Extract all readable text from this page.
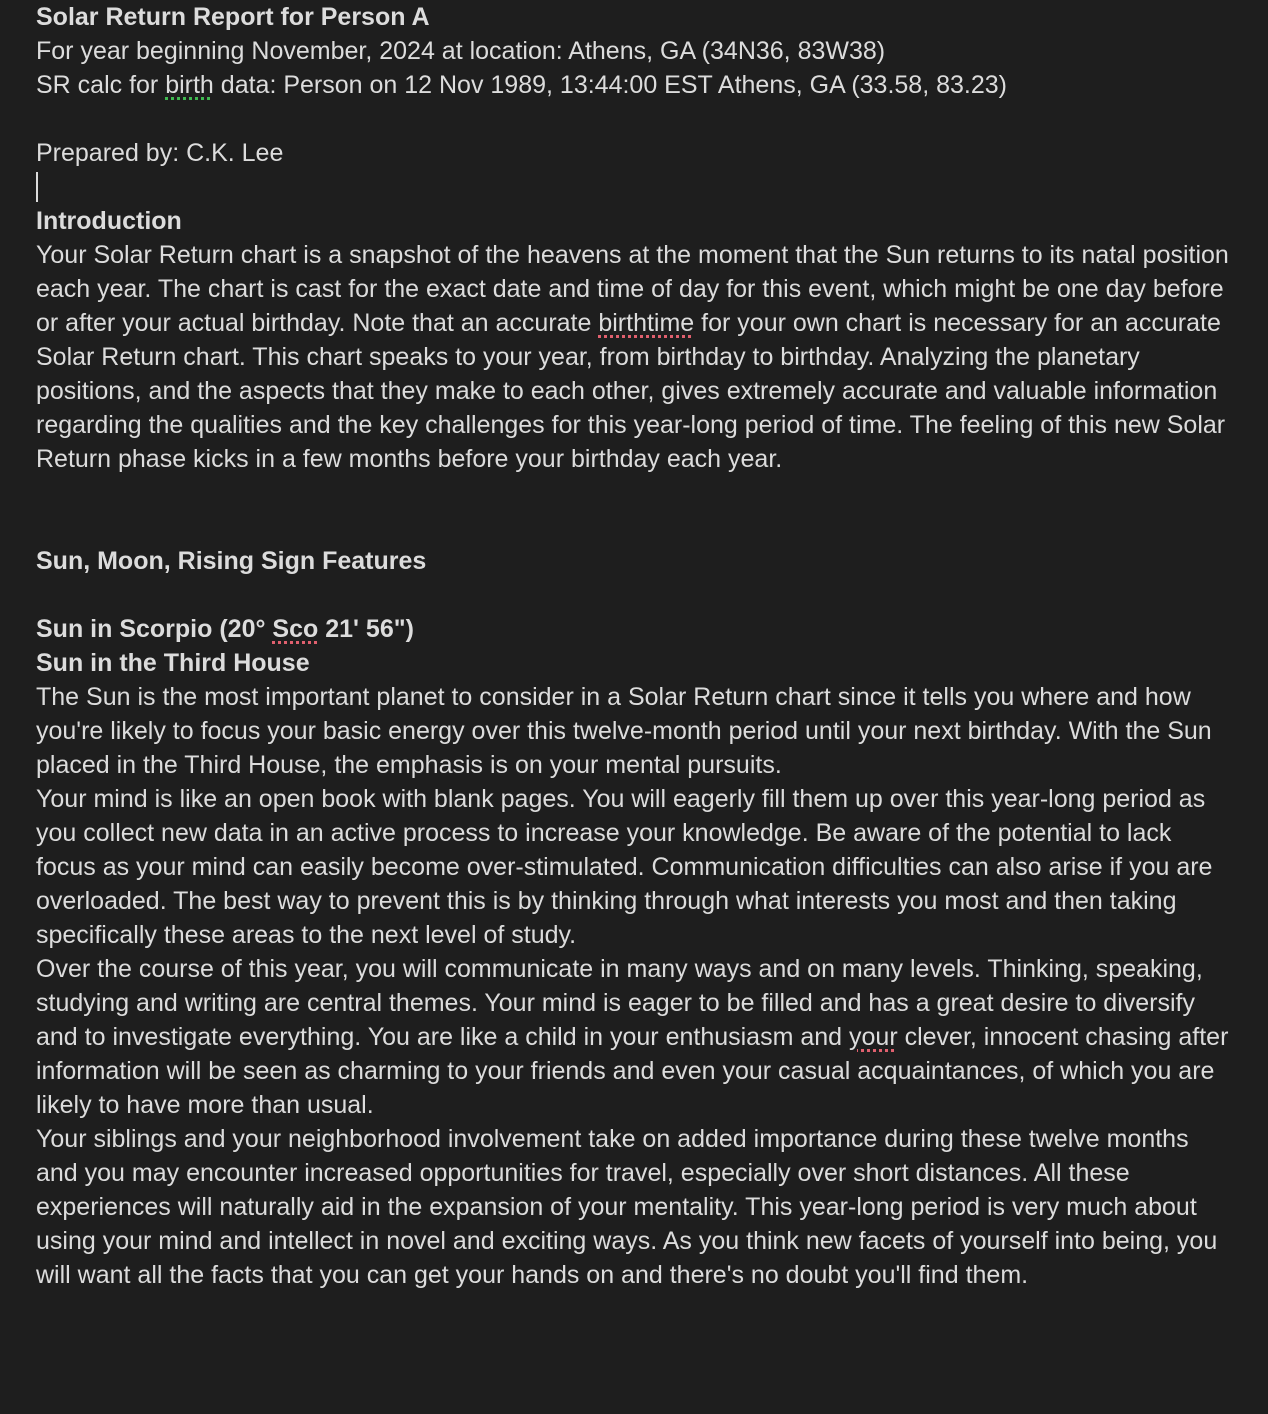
Solar Return Report for Person A
For year beginning November, 2024 at location: Athens, GA (34N36, 83W38)
SR calc for birth data: Person on 12 Nov 1989, 13:44:00 EST Athens, GA (33.58, 83.23)
Prepared by: C.K. Lee
Introduction

Your Solar Return chart is a snapshot of the heavens at the moment that the Sun returns to its natal position each year. The chart is cast for the exact date and time of day for this event, which might be one day before or after your actual birthday. Note that an accurate birthtime for your own chart is necessary for an accurate Solar Return chart. This chart speaks to your year, from birthday to birthday. Analyzing the planetary positions, and the aspects that they make to each other, gives extremely accurate and valuable information regarding the qualities and the key challenges for this year-long period of time. The feeling of this new Solar Return phase kicks in a few months before your birthday each year.

Sun, Moon, Rising Sign Features
Sun in Scorpio (20° Sco 21' 56")
Sun in the Third House

The Sun is the most important planet to consider in a Solar Return chart since it tells you where and how you're likely to focus your basic energy over this twelve-month period until your next birthday. With the Sun placed in the Third House, the emphasis is on your mental pursuits.

Your mind is like an open book with blank pages. You will eagerly fill them up over this year-long period as you collect new data in an active process to increase your knowledge. Be aware of the potential to lack focus as your mind can easily become over-stimulated. Communication difficulties can also arise if you are overloaded. The best way to prevent this is by thinking through what interests you most and then taking specifically these areas to the next level of study.

Over the course of this year, you will communicate in many ways and on many levels. Thinking, speaking, studying and writing are central themes. Your mind is eager to be filled and has a great desire to diversify and to investigate everything. You are like a child in your enthusiasm and your clever, innocent chasing after information will be seen as charming to your friends and even your casual acquaintances, of which you are likely to have more than usual.

Your siblings and your neighborhood involvement take on added importance during these twelve months and you may encounter increased opportunities for travel, especially over short distances. All these experiences will naturally aid in the expansion of your mentality. This year-long period is very much about using your mind and intellect in novel and exciting ways. As you think new facets of yourself into being, you will want all the facts that you can get your hands on and there's no doubt you'll find them.
